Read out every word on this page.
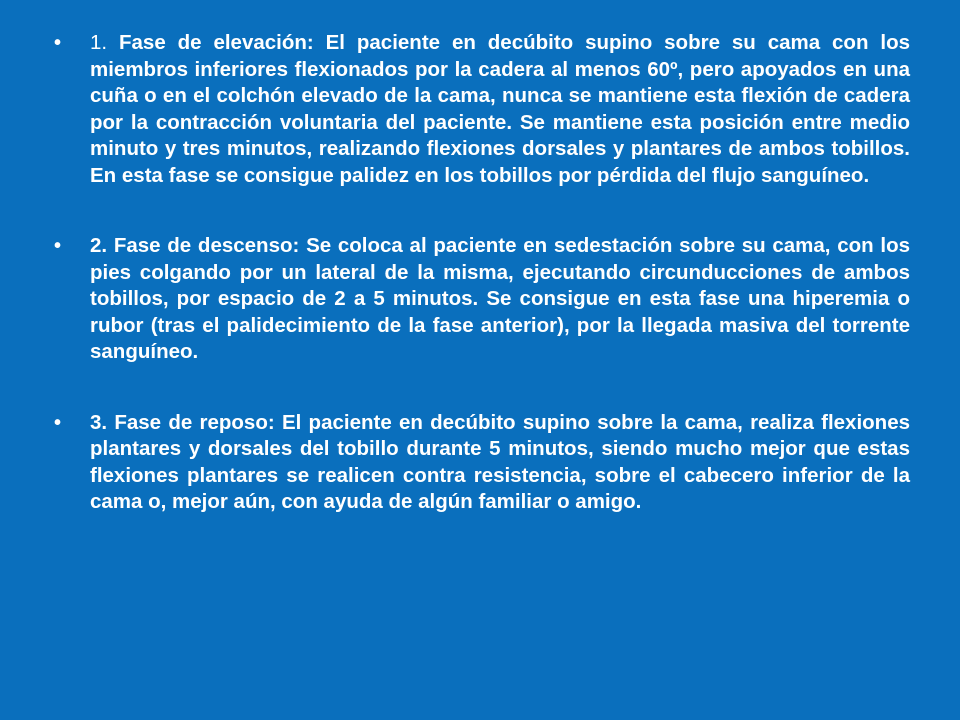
• 1. Fase de elevación: El paciente en decúbito supino sobre su cama con los miembros inferiores flexionados por la cadera al menos 60º, pero apoyados en una cuña o en el colchón elevado de la cama, nunca se mantiene esta flexión de cadera por la contracción voluntaria del paciente. Se mantiene esta posición entre medio minuto y tres minutos, realizando flexiones dorsales y plantares de ambos tobillos. En esta fase se consigue palidez en los tobillos por pérdida del flujo sanguíneo.
• 2. Fase de descenso: Se coloca al paciente en sedestación sobre su cama, con los pies colgando por un lateral de la misma, ejecutando circunducciones de ambos tobillos, por espacio de 2 a 5 minutos. Se consigue en esta fase una hiperemia o rubor (tras el palidecimiento de la fase anterior), por la llegada masiva del torrente sanguíneo.
• 3. Fase de reposo: El paciente en decúbito supino sobre la cama, realiza flexiones plantares y dorsales del tobillo durante 5 minutos, siendo mucho mejor que estas flexiones plantares se realicen contra resistencia, sobre el cabecero inferior de la cama o, mejor aún, con ayuda de algún familiar o amigo.
